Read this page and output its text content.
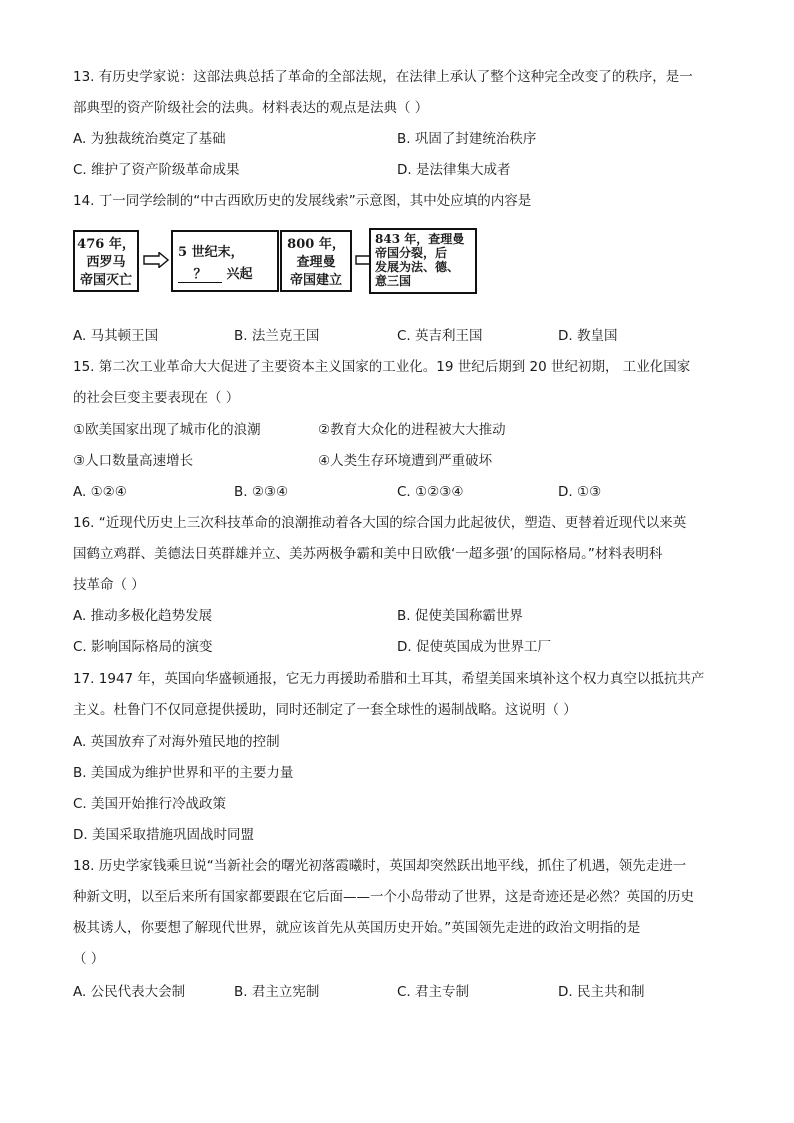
13. 有历史学家说：这部法典总括了革命的全部法规，在法律上承认了整个这种完全改变了的秩序，是一
部典型的资产阶级社会的法典。材料表达的观点是法典（ ）
A. 为独裁统治奠定了基础	B. 巩固了封建统治秩序
C. 维护了资产阶级革命成果	D. 是法律集大成者
14. 丁一同学绘制的“中古西欧历史的发展线索”示意图，其中处应填的内容是
476 年，
西罗马
帝国灭亡
5 世纪末，
？ 兴起
800 年，
查理曼
帝国建立
843 年，查理曼
帝国分裂，后
发展为法、德、
意三国
A. 马其顿王国	B. 法兰克王国	C. 英吉利王国	D. 教皇国
15. 第二次工业革命大大促进了主要资本主义国家的工业化。19 世纪后期到 20 世纪初期， 工业化国家
的社会巨变主要表现在（ ）
①欧美国家出现了城市化的浪潮	②教育大众化的进程被大大推动
③人口数量高速增长	④人类生存环境遭到严重破坏
A. ①②④	B. ②③④	C. ①②③④	D. ①③
16. “近现代历史上三次科技革命的浪潮推动着各大国的综合国力此起彼伏，塑造、更替着近现代以来英
国鹤立鸡群、美德法日英群雄并立、美苏两极争霸和美中日欧俄‘一超多强’的国际格局。”材料表明科
技革命（ ）
A. 推动多极化趋势发展	B. 促使美国称霸世界
C. 影响国际格局的演变	D. 促使英国成为世界工厂
17. 1947 年，英国向华盛顿通报，它无力再援助希腊和土耳其，希望美国来填补这个权力真空以抵抗共产
主义。杜鲁门不仅同意提供援助，同时还制定了一套全球性的遏制战略。这说明（ ）
A. 英国放弃了对海外殖民地的控制
B. 美国成为维护世界和平的主要力量
C. 美国开始推行冷战政策
D. 美国采取措施巩固战时同盟
18. 历史学家钱乘旦说“当新社会的曙光初落霞曦时，英国却突然跃出地平线，抓住了机遇，领先走进一
种新文明，以至后来所有国家都要跟在它后面——一个小岛带动了世界，这是奇迹还是必然？英国的历史
极其诱人，你要想了解现代世界，就应该首先从英国历史开始。”英国领先走进的政治文明指的是
（ ）
A. 公民代表大会制	B. 君主立宪制	C. 君主专制	D. 民主共和制
